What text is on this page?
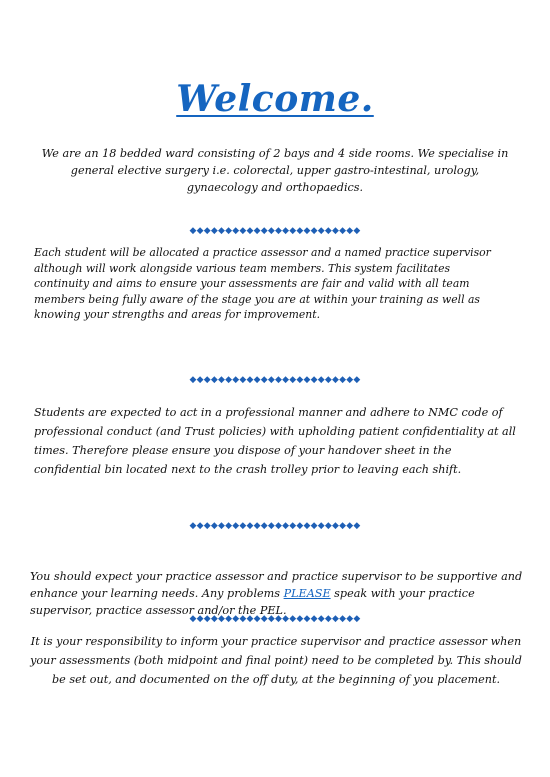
Welcome.

We are an 18 bedded ward consisting of 2 bays and 4 side rooms. We specialise in general elective surgery i.e. colorectal, upper gastro-intestinal, urology, gynaecology and orthopaedics.

◆◆◆◆◆◆◆◆◆◆◆◆◆◆◆◆◆◆◆◆◆◆◆◆

Each student will be allocated a practice assessor and a named practice supervisor although will work alongside various team members. This system facilitates continuity and aims to ensure your assessments are fair and valid with all team members being fully aware of the stage you are at within your training as well as knowing your strengths and areas for improvement.

◆◆◆◆◆◆◆◆◆◆◆◆◆◆◆◆◆◆◆◆◆◆◆◆

Students are expected to act in a professional manner and adhere to NMC code of professional conduct (and Trust policies) with upholding patient confidentiality at all times. Therefore please ensure you dispose of your handover sheet in the confidential bin located next to the crash trolley prior to leaving each shift.

◆◆◆◆◆◆◆◆◆◆◆◆◆◆◆◆◆◆◆◆◆◆◆◆

You should expect your practice assessor and practice supervisor to be supportive and enhance your learning needs. Any problems PLEASE speak with your practice supervisor, practice assessor and/or the PEL.

◆◆◆◆◆◆◆◆◆◆◆◆◆◆◆◆◆◆◆◆◆◆◆◆

It is your responsibility to inform your practice supervisor and practice assessor when your assessments (both midpoint and final point) need to be completed by. This should be set out, and documented on the off duty, at the beginning of you placement.
